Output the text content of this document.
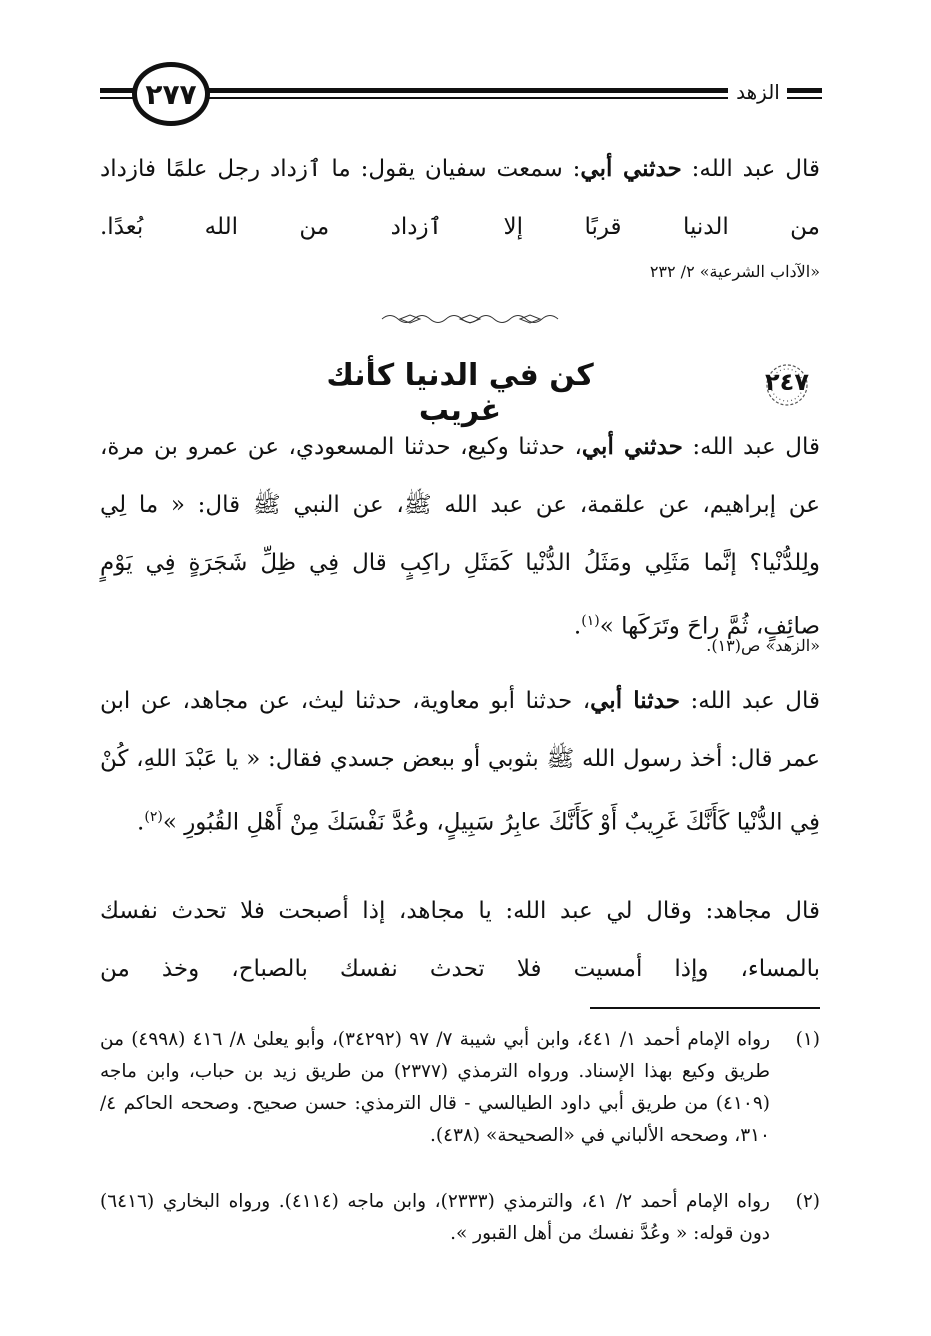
٢٧٧	الزهد
قال عبد الله: حدثني أبي: سمعت سفيان يقول: ما ٱزداد رجل علمًا فازداد من الدنيا قربًا إلا ٱزداد من الله بُعدًا.
«الآداب الشرعية» ٢/ ٢٣٢
٢٤٧
كن في الدنيا كأنك غريب
قال عبد الله: حدثني أبي، حدثنا وكيع، حدثنا المسعودي، عن عمرو بن مرة، عن إبراهيم، عن علقمة، عن عبد الله ﷺ، عن النبي ﷺ قال: « ما لِي ولِلدُّنْيا؟ إنَّما مَثَلِي ومَثَلُ الدُّنْيا كَمَثَلِ راكِبٍ قال فِي ظِلِّ شَجَرَةٍ فِي يَوْمٍ صائِفٍ، ثُمَّ راحَ وتَرَكَها »$^{(١)}$.
«الزهد» ص(١٣).
قال عبد الله: حدثنا أبي، حدثنا أبو معاوية، حدثنا ليث، عن مجاهد، عن ابن عمر قال: أخذ رسول الله ﷺ بثوبي أو ببعض جسدي فقال: « يا عَبْدَ اللهِ، كُنْ فِي الدُّنْيا كَأَنَّكَ غَرِيبٌ أَوْ كَأَنَّكَ عابِرُ سَبِيلٍ، وعُدَّ نَفْسَكَ مِنْ أَهْلِ القُبُورِ »$^{(٢)}$.
قال مجاهد: وقال لي عبد الله: يا مجاهد، إذا أصبحت فلا تحدث نفسك بالمساء، وإذا أمسيت فلا تحدث نفسك بالصباح، وخذ من
(١)
رواه الإمام أحمد ١/ ٤٤١، وابن أبي شيبة ٧/ ٩٧ (٣٤٢٩٢)، وأبو يعلىٰ ٨/ ٤١٦ (٤٩٩٨) من طريق وكيع بهذا الإسناد. ورواه الترمذي (٢٣٧٧) من طريق زيد بن حباب، وابن ماجه (٤١٠٩) من طريق أبي داود الطيالسي - قال الترمذي: حسن صحيح. وصححه الحاكم ٤/ ٣١٠، وصححه الألباني في «الصحيحة» (٤٣٨).
(٢)
رواه الإمام أحمد ٢/ ٤١، والترمذي (٢٣٣٣)، وابن ماجه (٤١١٤). ورواه البخاري (٦٤١٦) دون قوله: « وعُدَّ نفسك من أهل القبور ».
